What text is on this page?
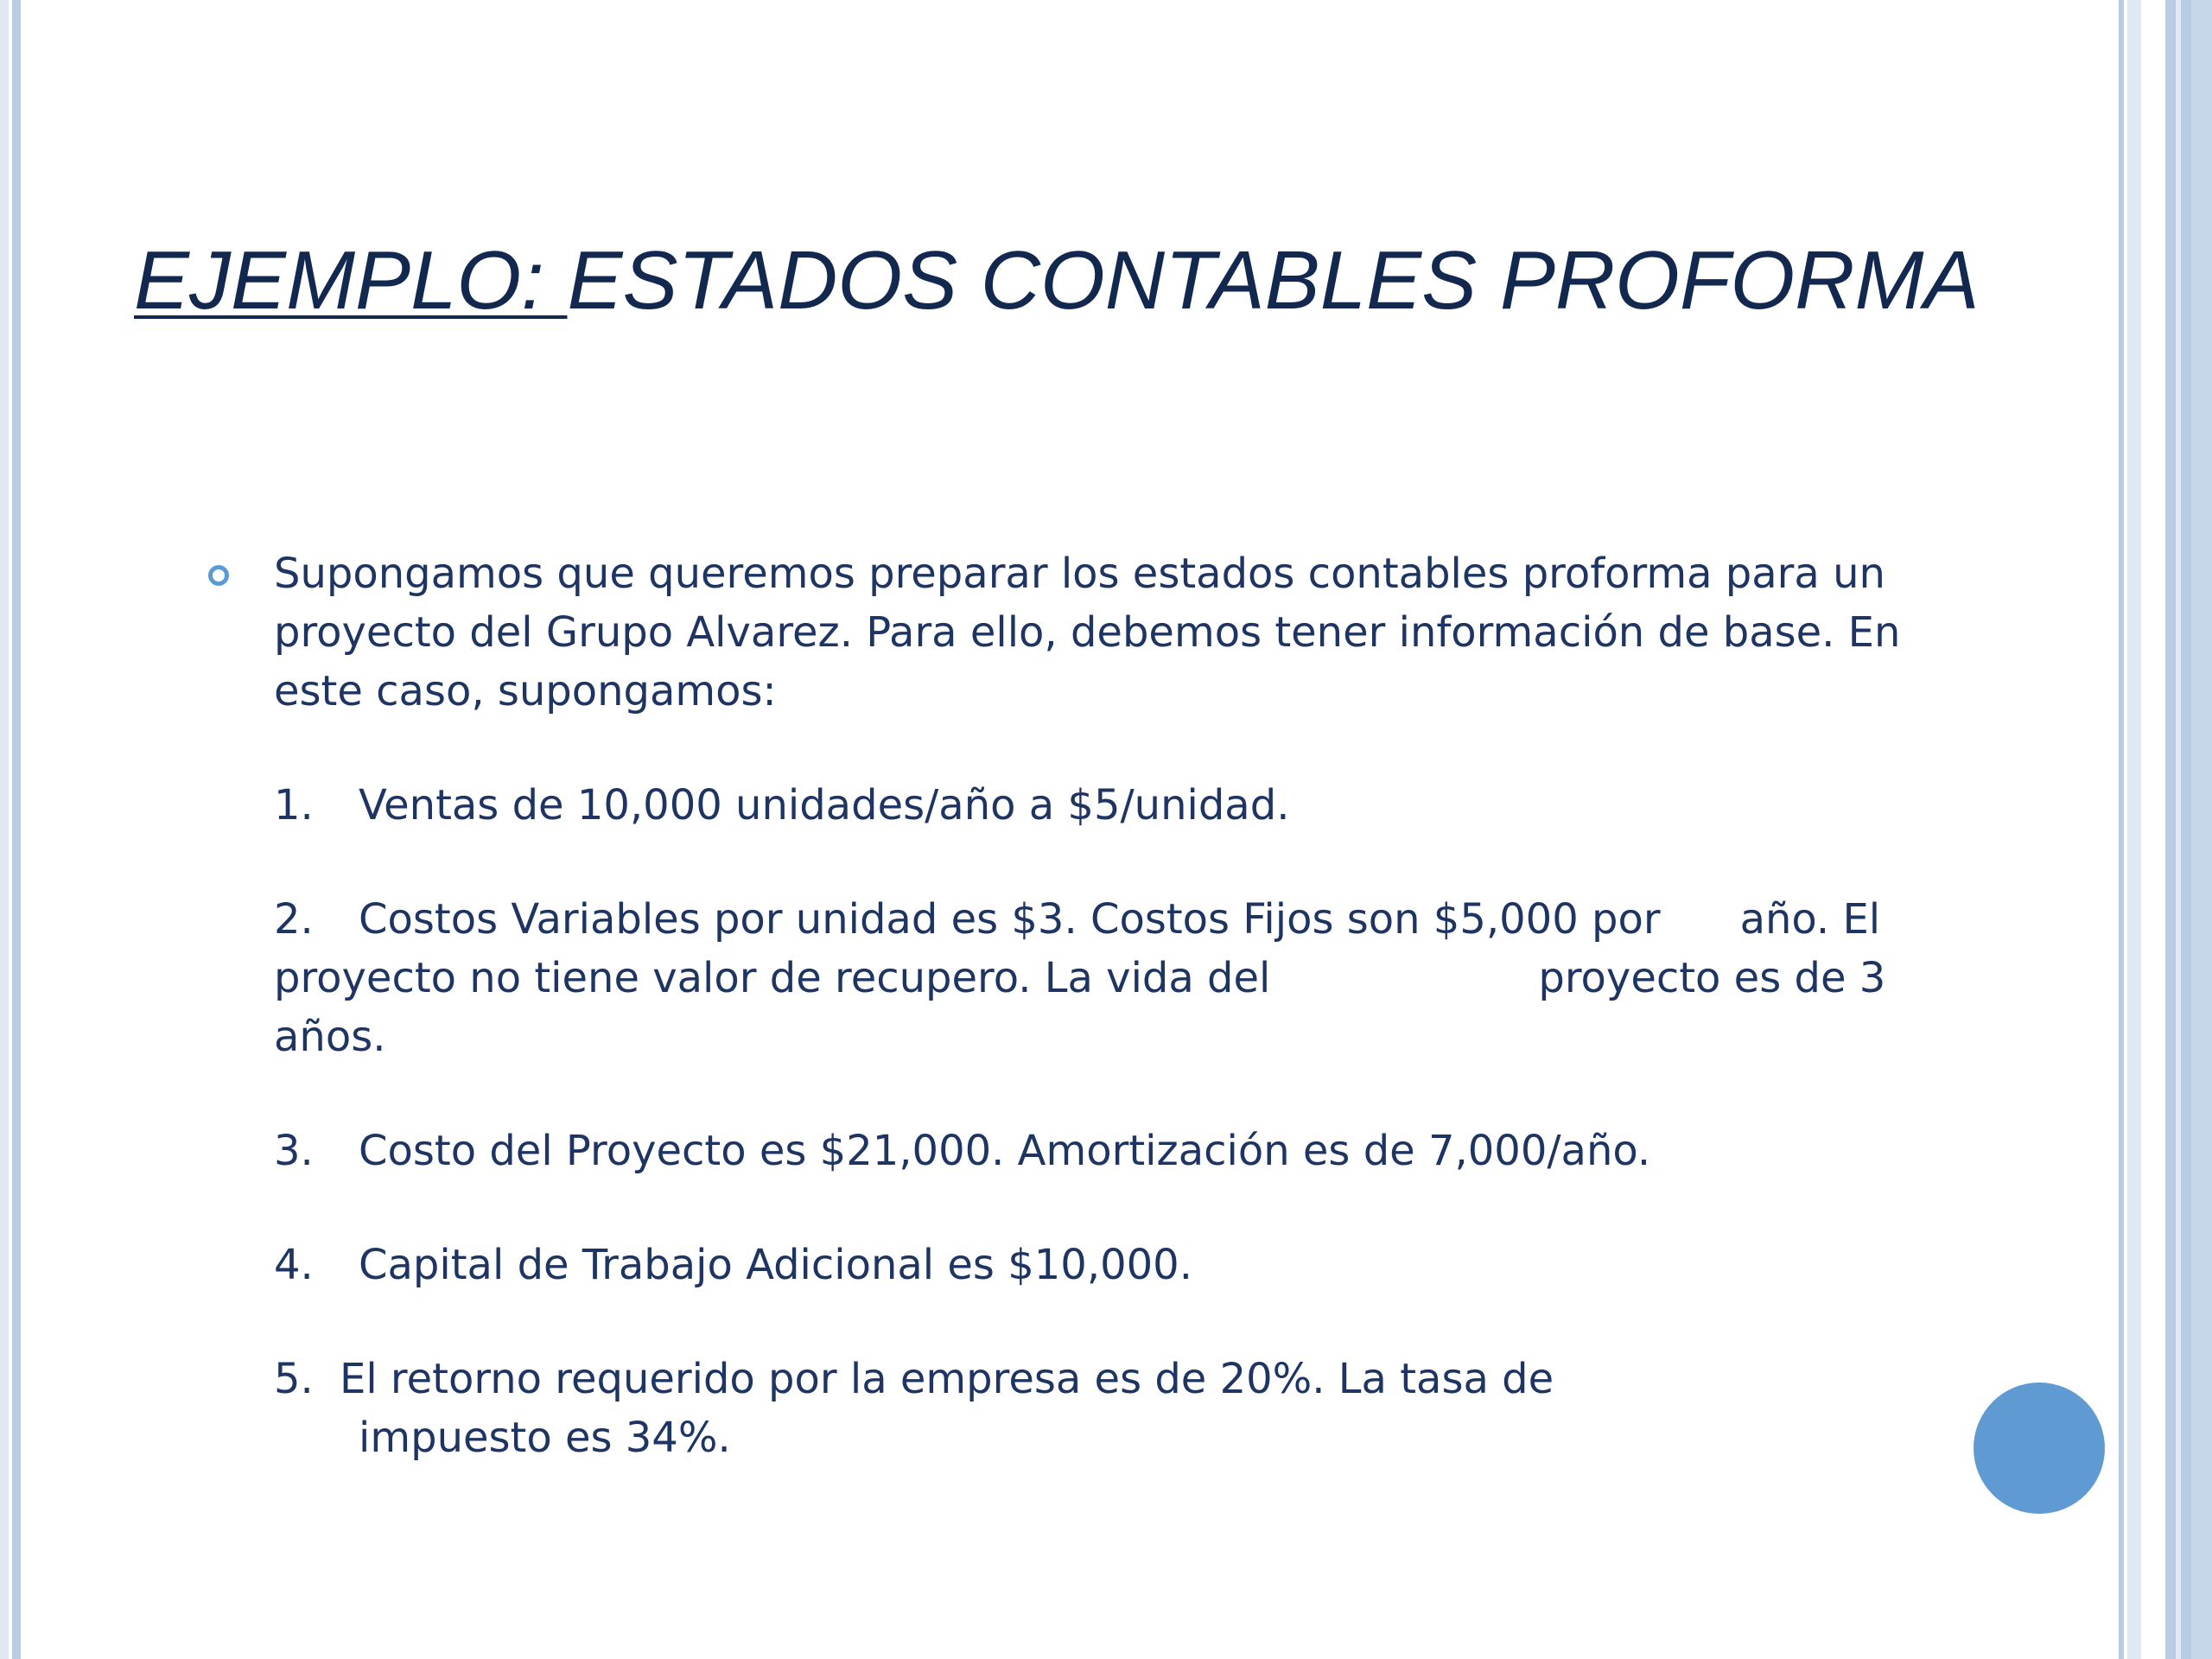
EJEMPLO: ESTADOS CONTABLES PROFORMA

Supongamos que queremos preparar los estados contables proforma para un proyecto del Grupo Alvarez. Para ello, debemos tener información de base. En este caso, supongamos:

1. Ventas de 10,000 unidades/año a $5/unidad.

2. Costos Variables por unidad es $3. Costos Fijos son $5,000 por año. El
proyecto no tiene valor de recupero. La vida del	proyecto es de 3
años.

3. Costo del Proyecto es $21,000. Amortización es de 7,000/año.

4. Capital de Trabajo Adicional es $10,000.

5. El retorno requerido por la empresa es de 20%. La tasa de
impuesto es 34%.
